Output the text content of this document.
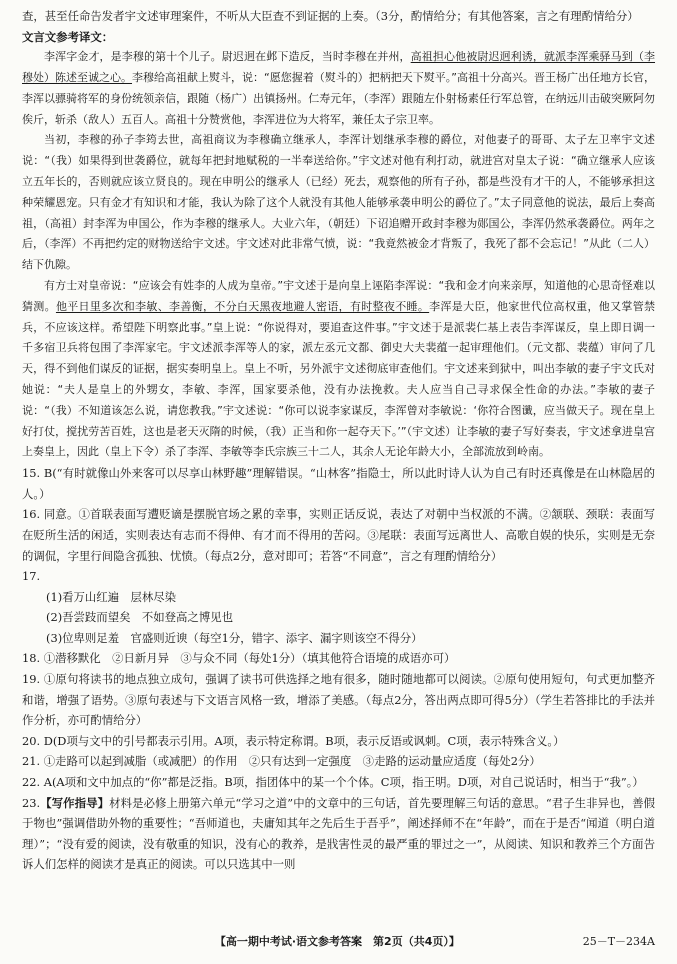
查，甚至任命告发者宇文述审理案件，不听从大臣查不到证据的上奏。（3分，酌情给分；有其他答案，言之有理酌情给分）

文言文参考译文：

李浑字金才，是李穆的第十个儿子。尉迟迥在邺下造反，当时李穆在并州，高祖担心他被尉迟迥利诱，就派李浑乘驿马到（李穆处）陈述至诚之心。李穆给高祖献上熨斗，说：“愿您握着（熨斗的）把柄把天下熨平。”高祖十分高兴。晋王杨广出任地方长官，李浑以骠骑将军的身份统领亲信，跟随（杨广）出镇扬州。仁寿元年，（李浑）跟随左仆射杨素任行军总管，在纳远川击破突厥阿勿俟斤，斩杀（敌人）五百人。高祖十分赞赏他，李浑进位为大将军，兼任太子宗卫率。

当初，李穆的孙子李筠去世，高祖商议为李穆确立继承人，李浑计划继承李穆的爵位，对他妻子的哥哥、太子左卫率宇文述说：“（我）如果得到世袭爵位，就每年把封地赋税的一半奉送给你。”宇文述对他有利打动，就进宫对皇太子说：“确立继承人应该立五年长的，否则就应该立贤良的。现在申明公的继承人（已经）死去，观察他的所有子孙，都是些没有才干的人，不能够承担这种荣耀恩宠。只有金才有知识和才能，我认为除了这个人就没有其他人能够承袭申明公的爵位了。”太子同意他的说法，最后上奏高祖，（高祖）封李浑为申国公，作为李穆的继承人。大业六年，（朝廷）下诏追赠开政封李穆为郧国公，李浑仍然承袭爵位。两年之后，（李浑）不再把约定的财物送给宇文述。宇文述对此非常气愤，说：“我竟然被金才背叛了，我死了都不会忘记！”从此（二人）结下仇隙。

有方士对皇帝说：“应该会有姓李的人成为皇帝。”宇文述于是向皇上诬陷李浑说：“我和金才向来亲厚，知道他的心思奇怪难以猜测。他平日里多次和李敏、李善衡，不分白天黑夜地避人密语，有时整夜不睡。李浑是大臣，他家世代位高权重，他又掌管禁兵，不应该这样。希望陛下明察此事。”皇上说：“你说得对，要追查这件事。”宇文述于是派裴仁基上表告李浑谋反，皇上即日调一千多宿卫兵将包围了李浑家宅。宇文述派李浑等人的家，派左丞元文都、御史大夫裴蕴一起审理他们。（元文都、裴蕴）审问了几天，得不到他们谋反的证据，据实奏明皇上。皇上不听，另外派宇文述彻底审查他们。宇文述来到狱中，叫出李敏的妻子宇文氏对她说：“夫人是皇上的外甥女，李敏、李浑，国家要杀他，没有办法挽救。夫人应当自己寻求保全性命的办法。”李敏的妻子说：“（我）不知道该怎么说，请您教我。”宇文述说：“你可以说李家谋反，李浑曾对李敏说：‘你符合图谶，应当做天子。现在皇上好打仗，搅扰劳苦百姓，这也是老天灭隋的时候，（我）正当和你一起夺天下。’”（宇文述）让李敏的妻子写好奏表，宇文述拿进皇宫上奏皇上，因此（皇上下令）杀了李浑、李敏等李氏宗族三十二人，其余人无论年龄大小，全部流放到岭南。

15. B(“有时就像山外来客可以尽享山林野趣”理解错误。“山林客”指隐士，所以此时诗人认为自己有时还真像是在山林隐居的人。）

16. 同意。①首联表面写遭贬谪是摆脱官场之累的幸事，实则正话反说，表达了对朝中当权派的不满。②颔联、颈联：表面写在贬所生活的闲适，实则表达有志而不得伸、有才而不得用的苦闷。③尾联：表面写远离世人、高歌自娱的快乐，实则是无奈的调侃，字里行间隐含孤独、忧愤。（每点2分，意对即可；若答“不同意”，言之有理酌情给分）

17.

(1)看万山红遍　层林尽染

(2)吾尝跂而望矣　不如登高之博见也

(3)位卑则足羞　官盛则近谀（每空1分，错字、添字、漏字则该空不得分）

18. ①潜移默化　②日新月异　③与众不同（每处1分）（填其他符合语境的成语亦可）

19. ①原句将读书的地点独立成句，强调了读书可供选择之地有很多，随时随地都可以阅读。②原句使用短句，句式更加整齐和谐，增强了语势。③原句表述与下文语言风格一致，增添了美感。（每点2分，答出两点即可得5分）（学生若答排比的手法并作分析，亦可酌情给分）

20. D(D项与文中的引号都表示引用。A项，表示特定称谓。B项，表示反语或讽刺。C项，表示特殊含义。）

21. ①走路可以起到减脂（或减肥）的作用　②只有达到一定强度　③走路的运动量应适度（每处2分）

22. A(A项和文中加点的“你”都是泛指。B项，指团体中的某一个个体。C项，指王明。D项，对自己说话时，相当于“我”。）

23.【写作指导】材料是必修上册第六单元“学习之道”中的文章中的三句话，首先要理解三句话的意思。“君子生非异也，善假于物也”强调借助外物的重要性；“吾师道也，夫庸知其年之先后生于吾乎”，阐述择师不在“年龄”，而在于是否“闻道（明白道理）”；“没有爱的阅读，没有敬重的知识，没有心的教养，是戕害性灵的最严重的罪过之一”，从阅读、知识和教养三个方面告诉人们怎样的阅读才是真正的阅读。可以只选其中一则

【高一期中考试·语文参考答案　第2页（共4页）】	25－T－234A
